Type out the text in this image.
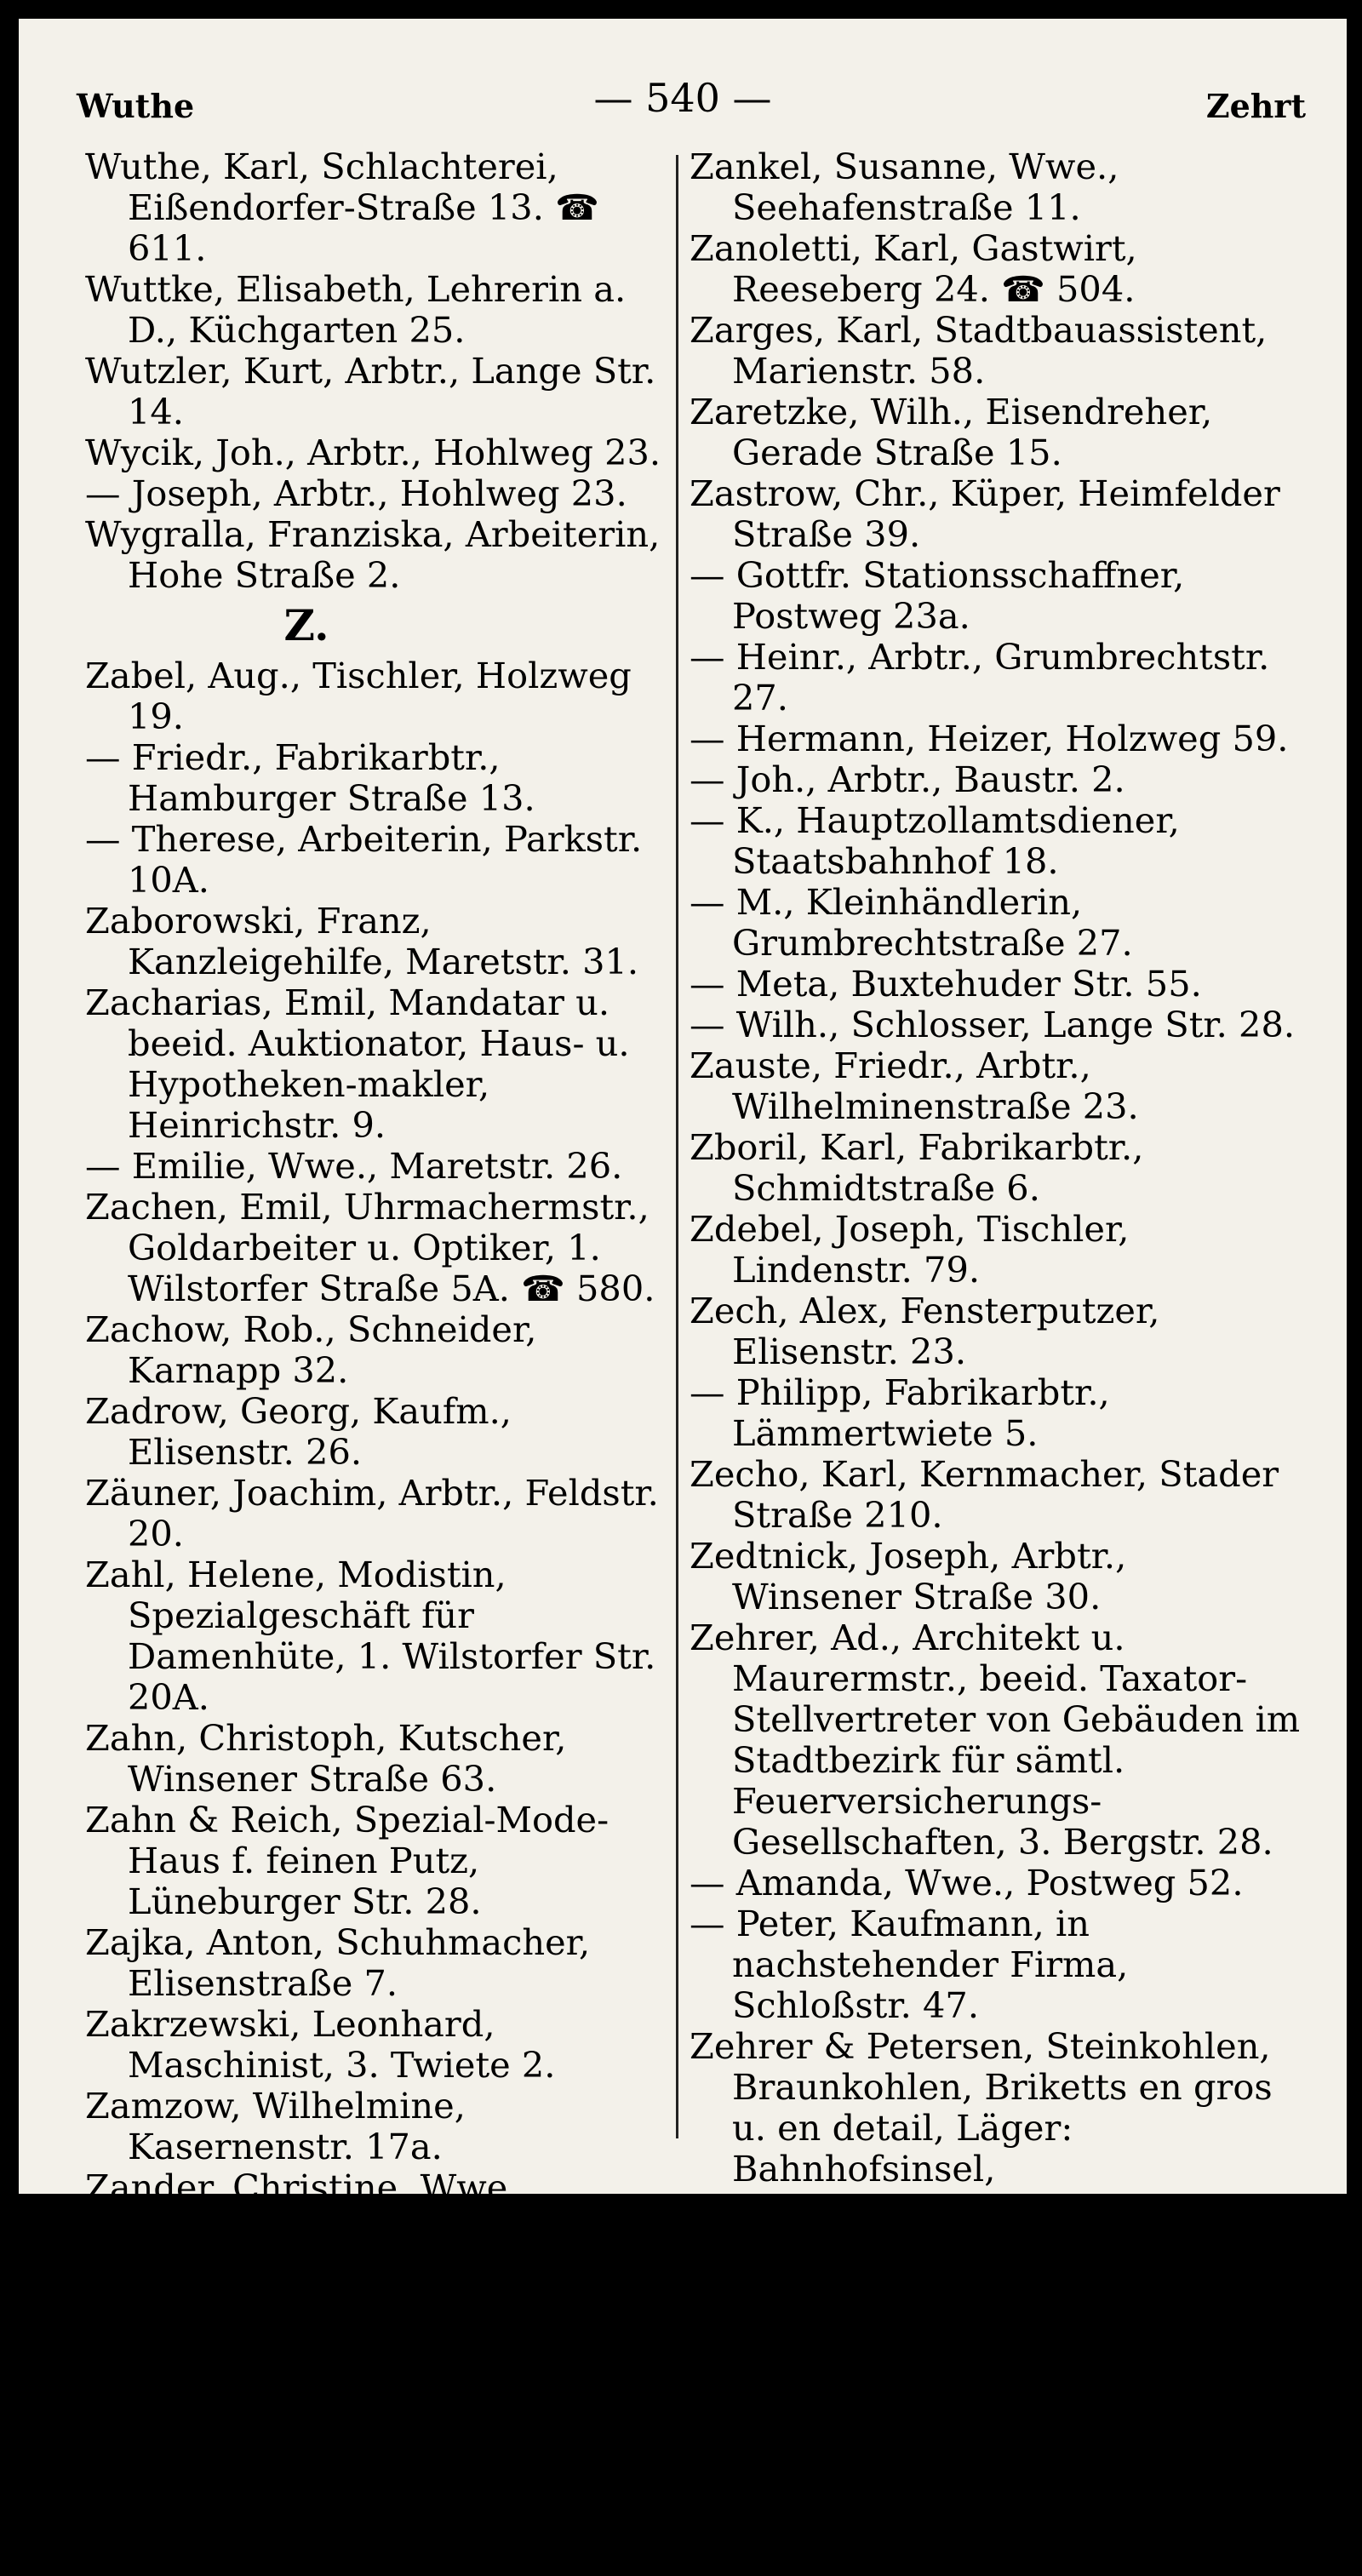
Wuthe	— 540 —	Zehrt
Wuthe, Karl, Schlachterei, Eißendorfer-Straße 13. ☎ 611.
Wuttke, Elisabeth, Lehrerin a. D., Küchgarten 25.
Wutzler, Kurt, Arbtr., Lange Str. 14.
Wycik, Joh., Arbtr., Hohlweg 23.
— Joseph, Arbtr., Hohlweg 23.
Wygralla, Franziska, Arbeiterin, Hohe Straße 2.
Z.
Zabel, Aug., Tischler, Holzweg 19.
— Friedr., Fabrikarbtr., Hamburger Straße 13.
— Therese, Arbeiterin, Parkstr. 10A.
Zaborowski, Franz, Kanzleigehilfe, Maretstr. 31.
Zacharias, Emil, Mandatar u. beeid. Auktionator, Haus- u. Hypotheken-makler, Heinrichstr. 9.
— Emilie, Wwe., Maretstr. 26.
Zachen, Emil, Uhrmachermstr., Goldarbeiter u. Optiker, 1. Wilstorfer Straße 5A. ☎ 580.
Zachow, Rob., Schneider, Karnapp 32.
Zadrow, Georg, Kaufm., Elisenstr. 26.
Zäuner, Joachim, Arbtr., Feldstr. 20.
Zahl, Helene, Modistin, Spezialgeschäft für Damenhüte, 1. Wilstorfer Str. 20A.
Zahn, Christoph, Kutscher, Winsener Straße 63.
Zahn & Reich, Spezial-Mode-Haus f. feinen Putz, Lüneburger Str. 28.
Zajka, Anton, Schuhmacher, Elisenstraße 7.
Zakrzewski, Leonhard, Maschinist, 3. Twiete 2.
Zamzow, Wilhelmine, Kasernenstr. 17a.
Zander, Christine, Wwe, Werderstraße 81.
— Friedr., Arbtr., Elisenstr. 70.
— Gust., Fabrikaufseher, Feldnerstraße 4A.
— Hans, Former, Kreuzstr. 9.
— Martin, Lehrer, Kasernenstr. 35.
Zank, Heinrich, Lagermeister, Postweg 57.
Zankel, Susanne, Wwe., Seehafenstraße 11.
Zanoletti, Karl, Gastwirt, Reeseberg 24. ☎ 504.
Zarges, Karl, Stadtbauassistent, Marienstr. 58.
Zaretzke, Wilh., Eisendreher, Gerade Straße 15.
Zastrow, Chr., Küper, Heimfelder Straße 39.
— Gottfr. Stationsschaffner, Postweg 23a.
— Heinr., Arbtr., Grumbrechtstr. 27.
— Hermann, Heizer, Holzweg 59.
— Joh., Arbtr., Baustr. 2.
— K., Hauptzollamtsdiener, Staatsbahnhof 18.
— M., Kleinhändlerin, Grumbrechtstraße 27.
— Meta, Buxtehuder Str. 55.
— Wilh., Schlosser, Lange Str. 28.
Zauste, Friedr., Arbtr., Wilhelminenstraße 23.
Zboril, Karl, Fabrikarbtr., Schmidtstraße 6.
Zdebel, Joseph, Tischler, Lindenstr. 79.
Zech, Alex, Fensterputzer, Elisenstr. 23.
— Philipp, Fabrikarbtr., Lämmertwiete 5.
Zecho, Karl, Kernmacher, Stader Straße 210.
Zedtnick, Joseph, Arbtr., Winsener Straße 30.
Zehrer, Ad., Architekt u. Maurermstr., beeid. Taxator-Stellvertreter von Gebäuden im Stadtbezirk für sämtl. Feuerversicherungs-Gesellschaften, 3. Bergstr. 28.
— Amanda, Wwe., Postweg 52.
— Peter, Kaufmann, in nachstehender Firma, Schloßstr. 47.
Zehrer & Petersen, Steinkohlen, Braunkohlen, Briketts en gros u. en detail, Läger: Bahnhofsinsel, Dampfschiffsweg 7/8 u. 11, Posthalterei und Fuhrwesen: Schloßstr. 47. ☎ 73 u. 171.
Zehrt, Max, Schneider, Seevestr. 13.
